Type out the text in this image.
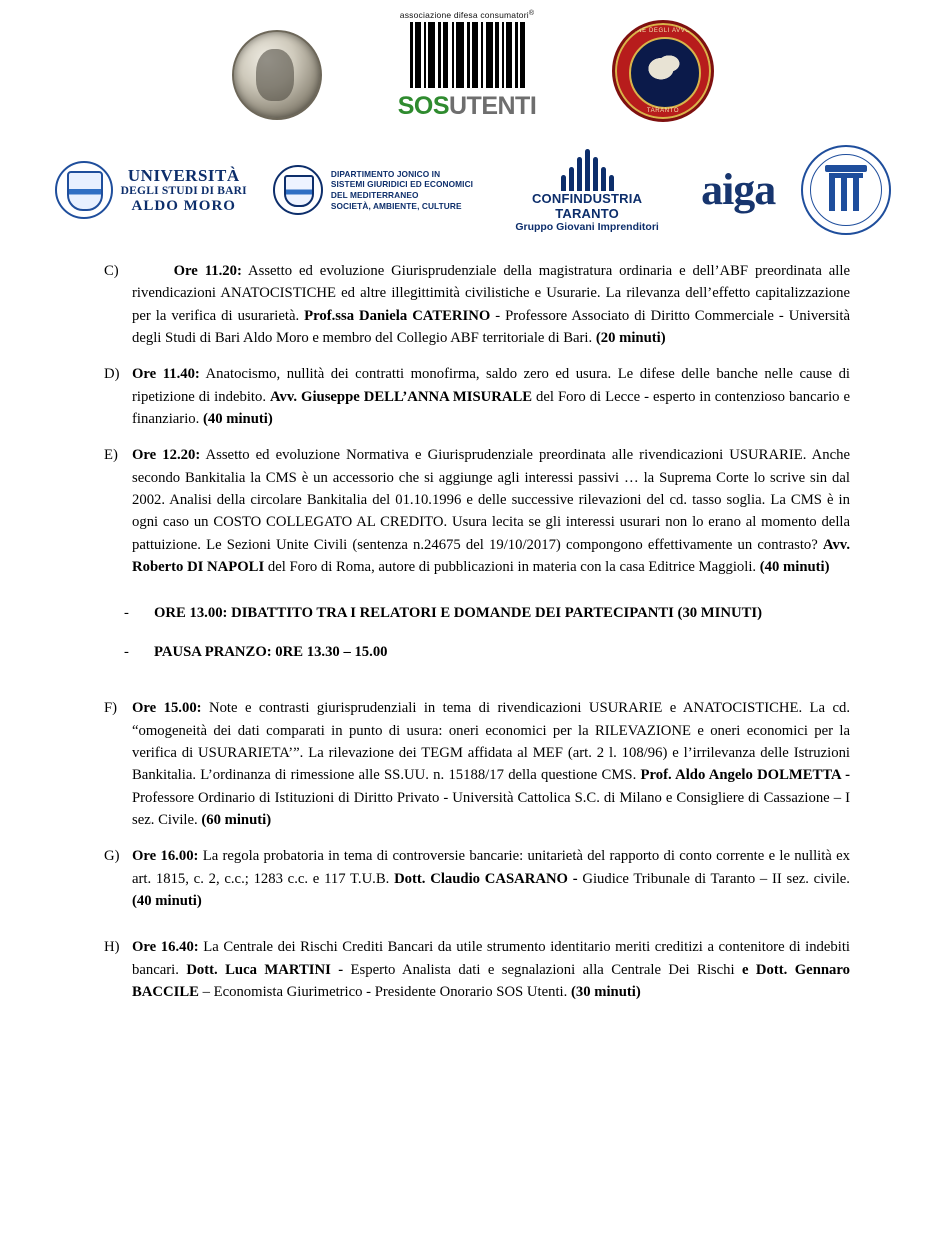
associazione difesa consumatori®
SOSUTENTI
ORDINE DEGLI AVVOCATI
TARANTO
UNIVERSITÀ
DEGLI STUDI DI BARI
ALDO MORO
DIPARTIMENTO JONICO IN
SISTEMI GIURIDICI ED ECONOMICI
DEL MEDITERRANEO
SOCIETÀ, AMBIENTE, CULTURE	CONFINDUSTRIA TARANTO
Gruppo Giovani Imprenditori
aiga
C) Ore 11.20: Assetto ed evoluzione Giurisprudenziale della magistratura ordinaria e dell’ABF preordinata alle rivendicazioni ANATOCISTICHE ed altre illegittimità civilistiche e Usurarie. La rilevanza dell’effetto capitalizzazione per la verifica di usurarietà. Prof.ssa Daniela CATERINO - Professore Associato di Diritto Commerciale - Università degli Studi di Bari Aldo Moro e membro del Collegio ABF territoriale di Bari. (20 minuti)

D) Ore 11.40: Anatocismo, nullità dei contratti monofirma, saldo zero ed usura. Le difese delle banche nelle cause di ripetizione di indebito. Avv. Giuseppe DELL’ANNA MISURALE del Foro di Lecce - esperto in contenzioso bancario e finanziario. (40 minuti)

E) Ore 12.20: Assetto ed evoluzione Normativa e Giurisprudenziale preordinata alle rivendicazioni USURARIE. Anche secondo Bankitalia la CMS è un accessorio che si aggiunge agli interessi passivi … la Suprema Corte lo scrive sin dal 2002. Analisi della circolare Bankitalia del 01.10.1996 e delle successive rilevazioni del cd. tasso soglia. La CMS è in ogni caso un COSTO COLLEGATO AL CREDITO. Usura lecita se gli interessi usurari non lo erano al momento della pattuizione. Le Sezioni Unite Civili (sentenza n.24675 del 19/10/2017) compongono effettivamente un contrasto? Avv. Roberto DI NAPOLI del Foro di Roma, autore di pubblicazioni in materia con la casa Editrice Maggioli. (40 minuti)

-	ORE 13.00: DIBATTITO TRA I RELATORI E DOMANDE DEI PARTECIPANTI (30 MINUTI)
-	PAUSA PRANZO: 0RE 13.30 – 15.00
F)	Ore 15.00: Note e contrasti giurisprudenziali in tema di rivendicazioni USURARIE e ANATOCISTICHE. La cd. “omogeneità dei dati comparati in punto di usura: oneri economici per la RILEVAZIONE e oneri economici per la verifica di USURARIETA’”. La rilevazione dei TEGM affidata al MEF (art. 2 l. 108/96) e l’irrilevanza delle Istruzioni Bankitalia. L’ordinanza di rimessione alle SS.UU. n. 15188/17 della questione CMS. Prof. Aldo Angelo DOLMETTA - Professore Ordinario di Istituzioni di Diritto Privato - Università Cattolica S.C. di Milano e Consigliere di Cassazione – I sez. Civile. (60 minuti)

G) Ore 16.00: La regola probatoria in tema di controversie bancarie: unitarietà del rapporto di conto corrente e le nullità ex art. 1815, c. 2, c.c.; 1283 c.c. e 117 T.U.B. Dott. Claudio CASARANO - Giudice Tribunale di Taranto – II sez. civile. (40 minuti)

H) Ore 16.40: La Centrale dei Rischi Crediti Bancari da utile strumento identitario meriti creditizi a contenitore di indebiti bancari. Dott. Luca MARTINI - Esperto Analista dati e segnalazioni alla Centrale Dei Rischi e Dott. Gennaro BACCILE – Economista Giurimetrico - Presidente Onorario SOS Utenti. (30 minuti)
